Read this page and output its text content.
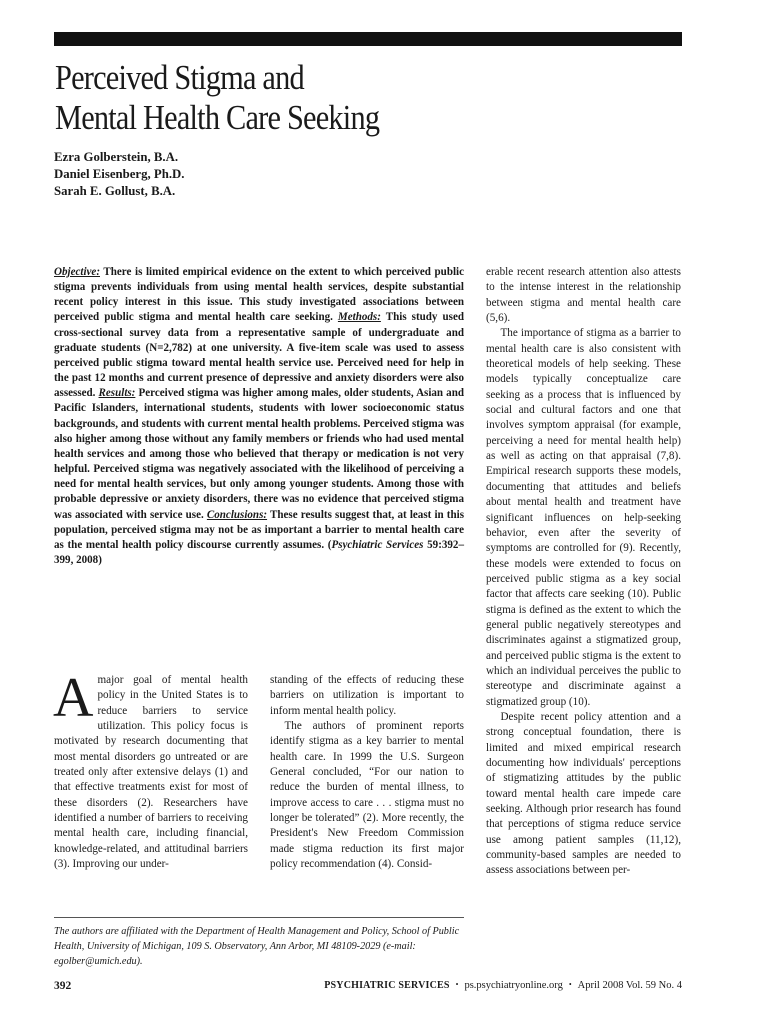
Perceived Stigma and
Mental Health Care Seeking
Ezra Golberstein, B.A.
Daniel Eisenberg, Ph.D.
Sarah E. Gollust, B.A.
Objective: There is limited empirical evidence on the extent to which perceived public stigma prevents individuals from using mental health services, despite substantial recent policy interest in this issue. This study investigated associations between perceived public stigma and mental health care seeking. Methods: This study used cross-sectional survey data from a representative sample of undergraduate and graduate students (N=2,782) at one university. A five-item scale was used to assess perceived public stigma toward mental health service use. Perceived need for help in the past 12 months and current presence of depressive and anxiety disorders were also assessed. Results: Perceived stigma was higher among males, older students, Asian and Pacific Islanders, international students, students with lower socioeconomic status backgrounds, and students with current mental health problems. Perceived stigma was also higher among those without any family members or friends who had used mental health services and among those who believed that therapy or medication is not very helpful. Perceived stigma was negatively associated with the likelihood of perceiving a need for mental health services, but only among younger students. Among those with probable depressive or anxiety disorders, there was no evidence that perceived stigma was associated with service use. Conclusions: These results suggest that, at least in this population, perceived stigma may not be as important a barrier to mental health care as the mental health policy discourse currently assumes. (Psychiatric Services 59:392–399, 2008)

A major goal of mental health policy in the United States is to reduce barriers to service utilization. This policy focus is motivated by research documenting that most mental disorders go untreated or are treated only after extensive delays (1) and that effective treatments exist for most of these disorders (2). Researchers have identified a number of barriers to receiving mental health care, including financial, knowledge-related, and attitudinal barriers (3). Improving our under-

standing of the effects of reducing these barriers on utilization is important to inform mental health policy.

The authors of prominent reports identify stigma as a key barrier to mental health care. In 1999 the U.S. Surgeon General concluded, “For our nation to reduce the burden of mental illness, to improve access to care . . . stigma must no longer be tolerated” (2). More recently, the President's New Freedom Commission made stigma reduction its first major policy recommendation (4). Consid-

erable recent research attention also attests to the intense interest in the relationship between stigma and mental health care (5,6).

The importance of stigma as a barrier to mental health care is also consistent with theoretical models of help seeking. These models typically conceptualize care seeking as a process that is influenced by social and cultural factors and one that involves symptom appraisal (for example, perceiving a need for mental health help) as well as acting on that appraisal (7,8). Empirical research supports these models, documenting that attitudes and beliefs about mental health and treatment have significant influences on help-seeking behavior, even after the severity of symptoms are controlled for (9). Recently, these models were extended to focus on perceived public stigma as a key social factor that affects care seeking (10). Public stigma is defined as the extent to which the general public negatively stereotypes and discriminates against a stigmatized group, and perceived public stigma is the extent to which an individual perceives the public to stereotype and discriminate against a stigmatized group (10).

Despite recent policy attention and a strong conceptual foundation, there is limited and mixed empirical research documenting how individuals' perceptions of stigmatizing attitudes by the public toward mental health care impede care seeking. Although prior research has found that perceptions of stigma reduce service use among patient samples (11,12), community-based samples are needed to assess associations between per-

The authors are affiliated with the Department of Health Management and Policy, School of Public Health, University of Michigan, 109 S. Observatory, Ann Arbor, MI 48109-2029 (e-mail: egolber@umich.edu).
392	PSYCHIATRIC SERVICES • ps.psychiatryonline.org • April 2008 Vol. 59 No. 4
